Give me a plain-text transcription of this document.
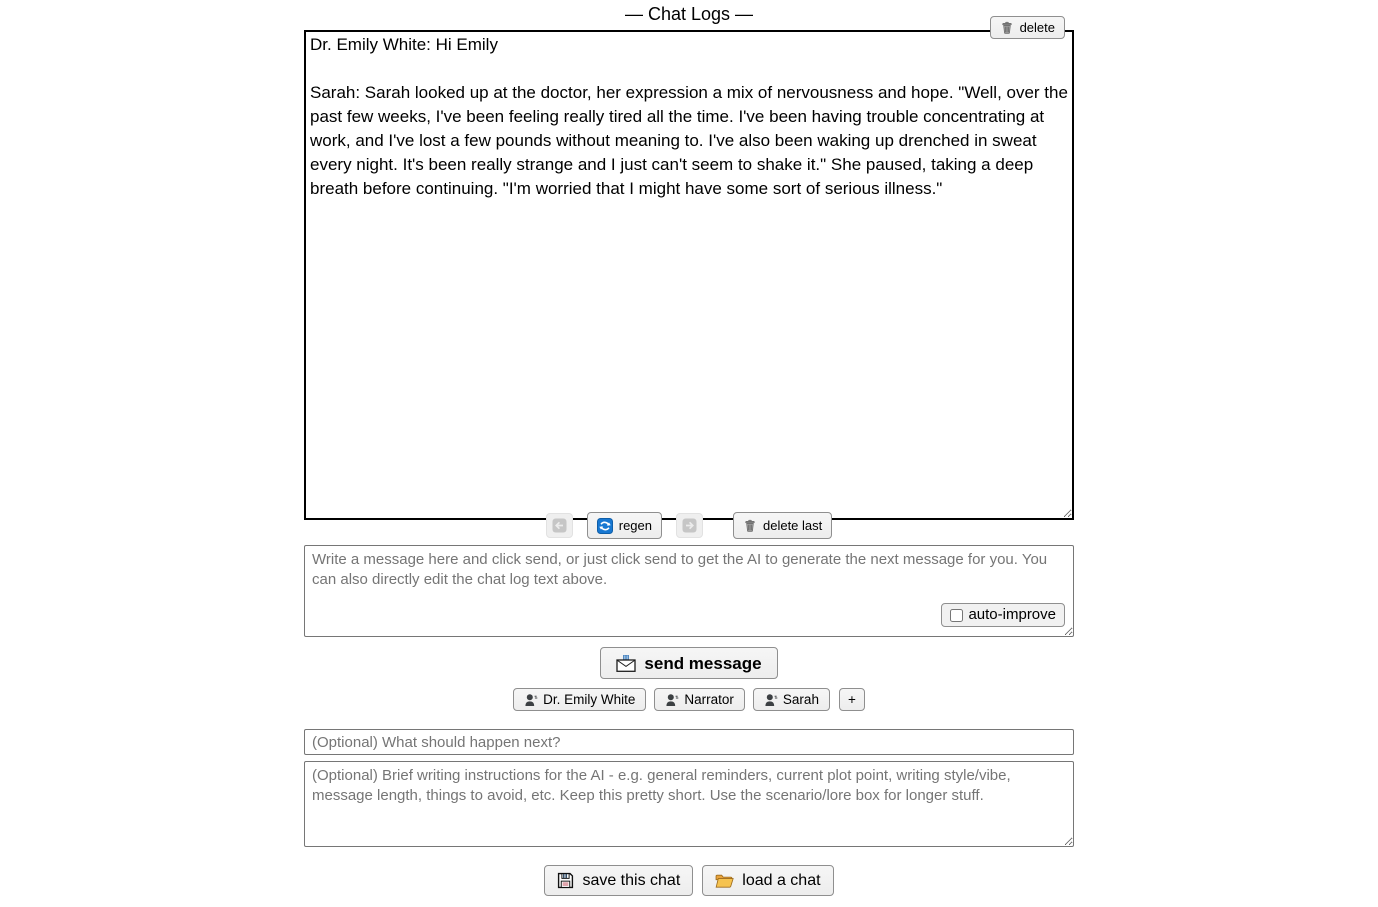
— Chat Logs —
delete
Dr. Emily White: Hi Emily Sarah: Sarah looked up at the doctor, her expression a mix of nervousness and hope. "Well, over the past few weeks, I've been feeling really tired all the time. I've been having trouble concentrating at work, and I've lost a few pounds without meaning to. I've also been waking up drenched in sweat every night. It's been really strange and I just can't seem to shake it." She paused, taking a deep breath before continuing. "I'm worried that I might have some sort of serious illness."
regen	delete last
Write a message here and click send, or just click send to get the AI to generate the next message for you. You can also directly edit the chat log text above.
auto-improve
send message
Dr. Emily White	Narrator	Sarah +
(Optional) What should happen next?
(Optional) Brief writing instructions for the AI - e.g. general reminders, current plot point, writing style/vibe, message length, things to avoid, etc. Keep this pretty short. Use the scenario/lore box for longer stuff.
save this chat	load a chat
